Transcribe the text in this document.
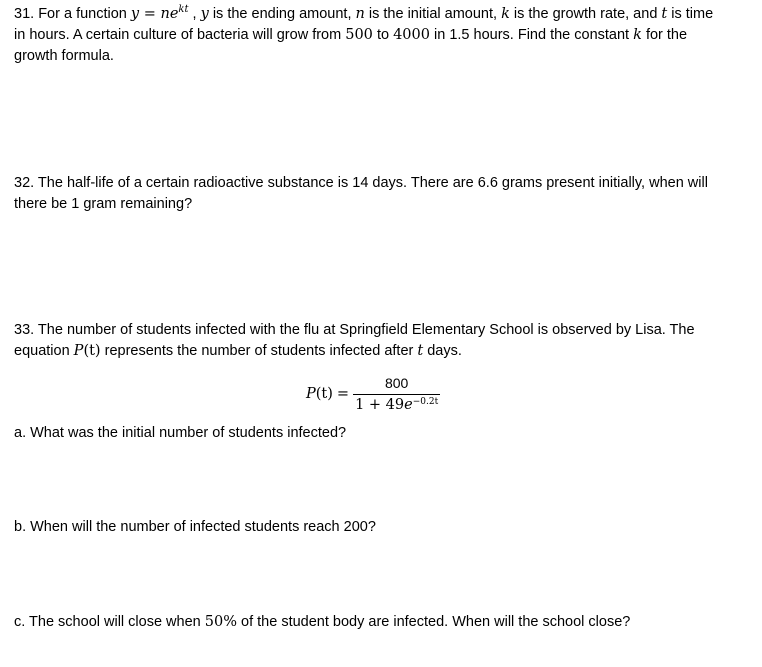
31. For a function $y = ne^{kt}$ , y is the ending amount, n is the initial amount, k is the growth rate, and t is time
in hours. A certain culture of bacteria will grow from 500 to 4000 in 1.5 hours. Find the constant k for the
growth formula.
32. The half-life of a certain radioactive substance is 14 days. There are 6.6 grams present initially, when will
there be 1 gram remaining?
33. The number of students infected with the flu at Springfield Elementary School is observed by Lisa. The
equation P(t) represents the number of students infected after t days.
$P(t) = \frac{800}{1 + 49e^{-0.2t}}$
a. What was the initial number of students infected?
b. When will the number of infected students reach 200?
c. The school will close when 50% of the student body are infected. When will the school close?
